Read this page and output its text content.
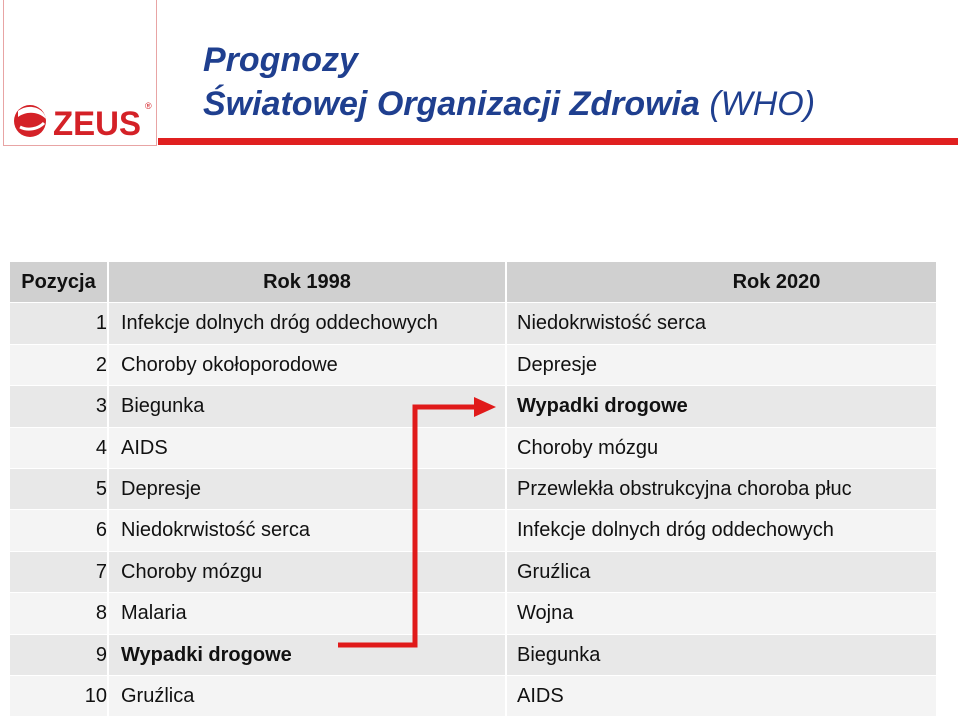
ZEUS ®
Prognozy
Światowej Organizacji Zdrowia (WHO)
Pozycja	Rok 1998	Rok 2020
1 Infekcje dolnych dróg oddechowych	Niedokrwistość serca
2 Choroby okołoporodowe	Depresje
3 Biegunka	Wypadki drogowe
4 AIDS	Choroby mózgu
5 Depresje	Przewlekła obstrukcyjna choroba płuc
6 Niedokrwistość serca	Infekcje dolnych dróg oddechowych
7 Choroby mózgu	Gruźlica
8 Malaria	Wojna
9 Wypadki drogowe	Biegunka
10 Gruźlica	AIDS
